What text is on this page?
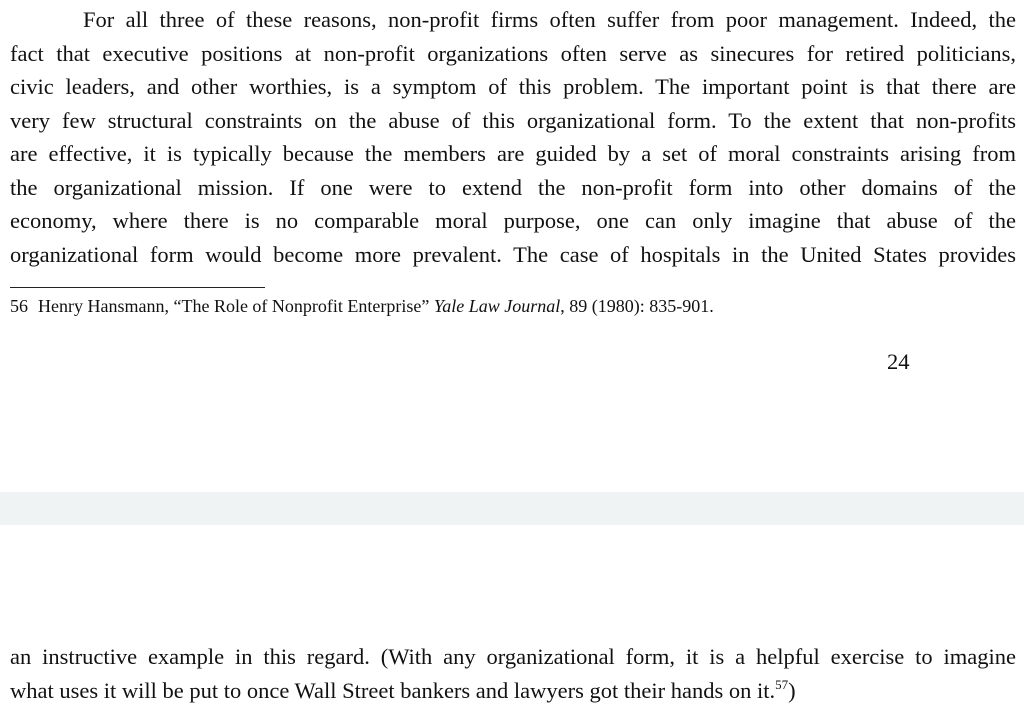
For all three of these reasons, non-profit firms often suffer from poor management. Indeed, the
fact that executive positions at non-profit organizations often serve as sinecures for retired politicians,
civic leaders, and other worthies, is a symptom of this problem. The important point is that there are
very few structural constraints on the abuse of this organizational form. To the extent that non-profits
are effective, it is typically because the members are guided by a set of moral constraints arising from
the organizational mission. If one were to extend the non-profit form into other domains of the
economy, where there is no comparable moral purpose, one can only imagine that abuse of the
organizational form would become more prevalent. The case of hospitals in the United States provides

56 Henry Hansmann, “The Role of Nonprofit Enterprise” Yale Law Journal, 89 (1980): 835-901.
24

an instructive example in this regard. (With any organizational form, it is a helpful exercise to imagine
what uses it will be put to once Wall Street bankers and lawyers got their hands on it.$^{57}$)
